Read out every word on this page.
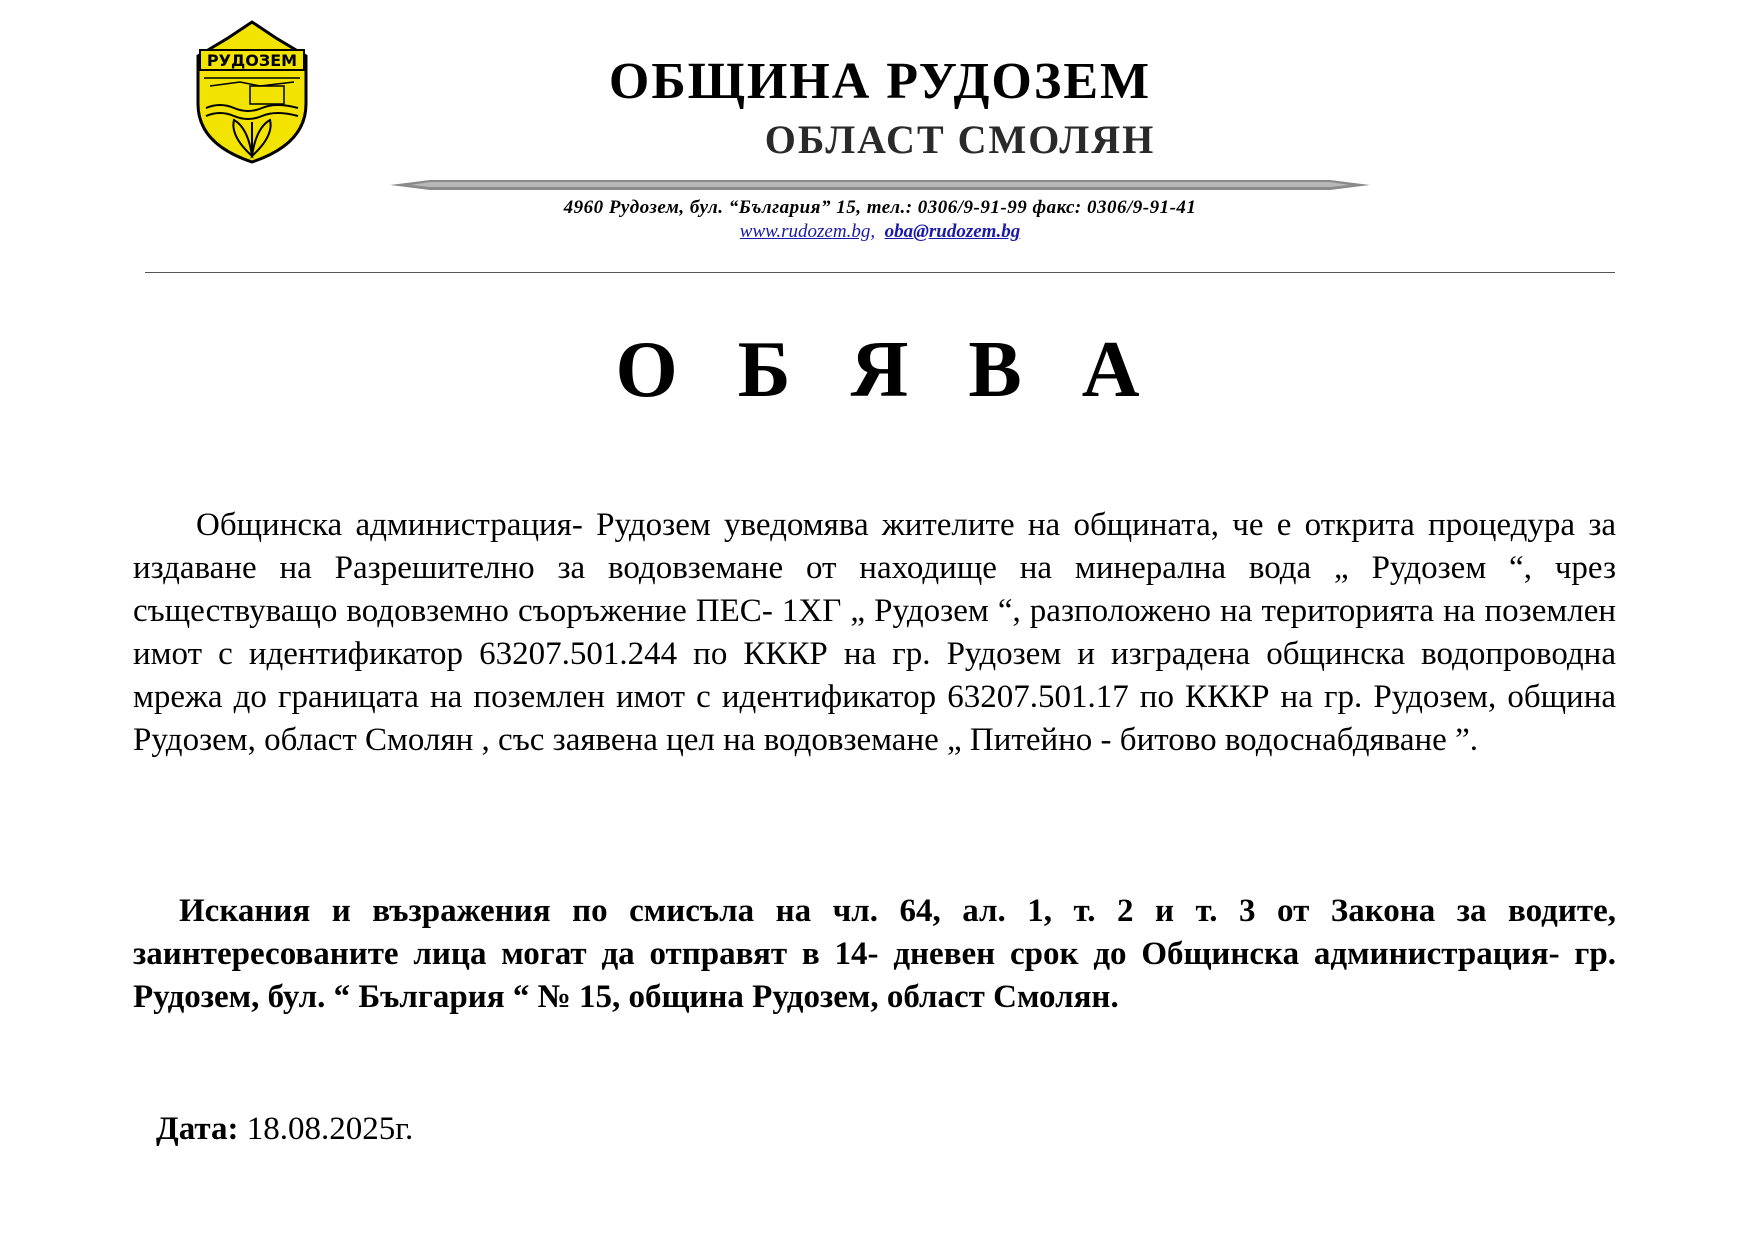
РУДОЗЕМ	ОБЩИНА РУДОЗЕМ
ОБЛАСТ СМОЛЯН
4960 Рудозем, бул. “България” 15, тел.: 0306/9-91-99 факс: 0306/9-91-41
www.rudozem.bg, oba@rudozem.bg
О Б Я В А

Общинска администрация- Рудозем уведомява жителите на общината, че е открита процедура за издаване на Разрешително за водовземане от находище на минерална вода „ Рудозем “, чрез съществуващо водовземно съоръжение ПЕС- 1ХГ „ Рудозем “, разположено на територията на поземлен имот с идентификатор 63207.501.244 по КККР на гр. Рудозем и изградена общинска водопроводна мрежа до границата на поземлен имот с идентификатор 63207.501.17 по КККР на гр. Рудозем, община Рудозем, област Смолян , със заявена цел на водовземане „ Питейно - битово водоснабдяване ”.

Искания и възражения по смисъла на чл. 64, ал. 1, т. 2 и т. 3 от Закона за водите, заинтересованите лица могат да отправят в 14- дневен срок до Общинска администрация- гр. Рудозем, бул. “ България “ № 15, община Рудозем, област Смолян.

Дата: 18.08.2025г.
